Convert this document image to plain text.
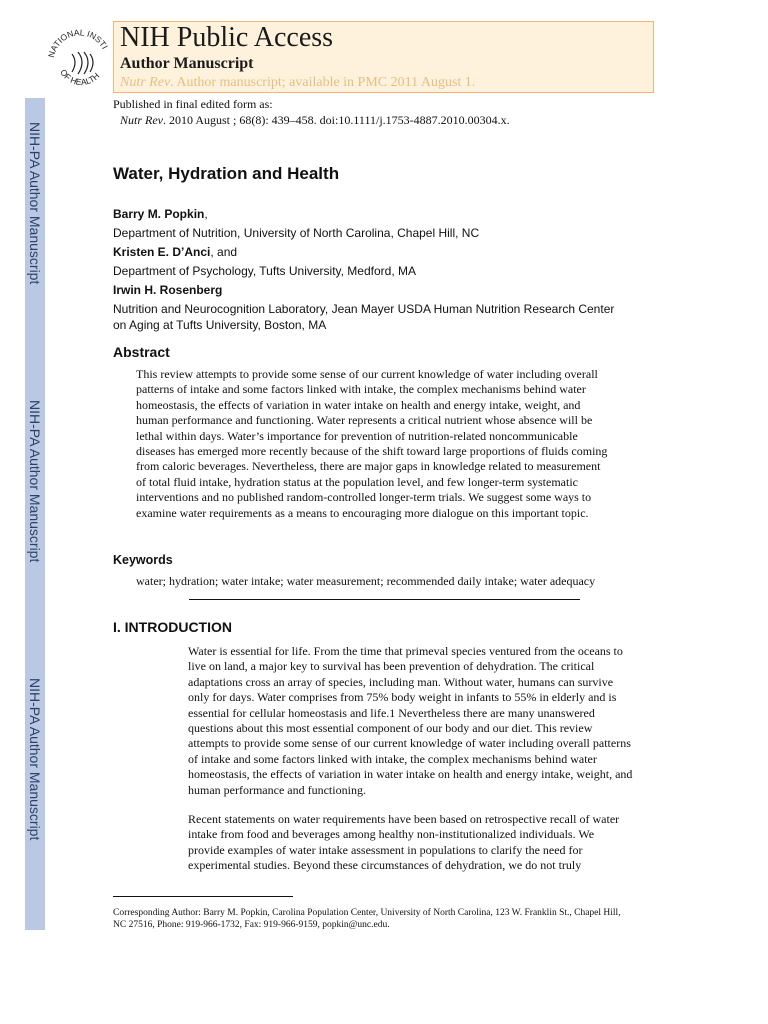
NIH-PA Author Manuscript
NIH-PA Author Manuscript
NIH-PA Author Manuscript
NATIONAL INSTI
OF HEALTH
NIH Public Access
Author Manuscript
Nutr Rev. Author manuscript; available in PMC 2011 August 1.
Published in final edited form as:
Nutr Rev. 2010 August ; 68(8): 439–458. doi:10.1111/j.1753-4887.2010.00304.x.
Water, Hydration and Health
Barry M. Popkin,
Department of Nutrition, University of North Carolina, Chapel Hill, NC
Kristen E. D’Anci, and
Department of Psychology, Tufts University, Medford, MA
Irwin H. Rosenberg
Nutrition and Neurocognition Laboratory, Jean Mayer USDA Human Nutrition Research Center
on Aging at Tufts University, Boston, MA
Abstract

This review attempts to provide some sense of our current knowledge of water including overall

patterns of intake and some factors linked with intake, the complex mechanisms behind water

homeostasis, the effects of variation in water intake on health and energy intake, weight, and

human performance and functioning. Water represents a critical nutrient whose absence will be

lethal within days. Water’s importance for prevention of nutrition-related noncommunicable

diseases has emerged more recently because of the shift toward large proportions of fluids coming

from caloric beverages. Nevertheless, there are major gaps in knowledge related to measurement

of total fluid intake, hydration status at the population level, and few longer-term systematic

interventions and no published random-controlled longer-term trials. We suggest some ways to

examine water requirements as a means to encouraging more dialogue on this important topic.

Keywords
water; hydration; water intake; water measurement; recommended daily intake; water adequacy
I. INTRODUCTION

Water is essential for life. From the time that primeval species ventured from the oceans to

live on land, a major key to survival has been prevention of dehydration. The critical

adaptations cross an array of species, including man. Without water, humans can survive

only for days. Water comprises from 75% body weight in infants to 55% in elderly and is

essential for cellular homeostasis and life.1 Nevertheless there are many unanswered

questions about this most essential component of our body and our diet. This review

attempts to provide some sense of our current knowledge of water including overall patterns

of intake and some factors linked with intake, the complex mechanisms behind water

homeostasis, the effects of variation in water intake on health and energy intake, weight, and

human performance and functioning.

Recent statements on water requirements have been based on retrospective recall of water

intake from food and beverages among healthy non-institutionalized individuals. We

provide examples of water intake assessment in populations to clarify the need for

experimental studies. Beyond these circumstances of dehydration, we do not truly

Corresponding Author: Barry M. Popkin, Carolina Population Center, University of North Carolina, 123 W. Franklin St., Chapel Hill,
NC 27516, Phone: 919-966-1732, Fax: 919-966-9159, popkin@unc.edu.
